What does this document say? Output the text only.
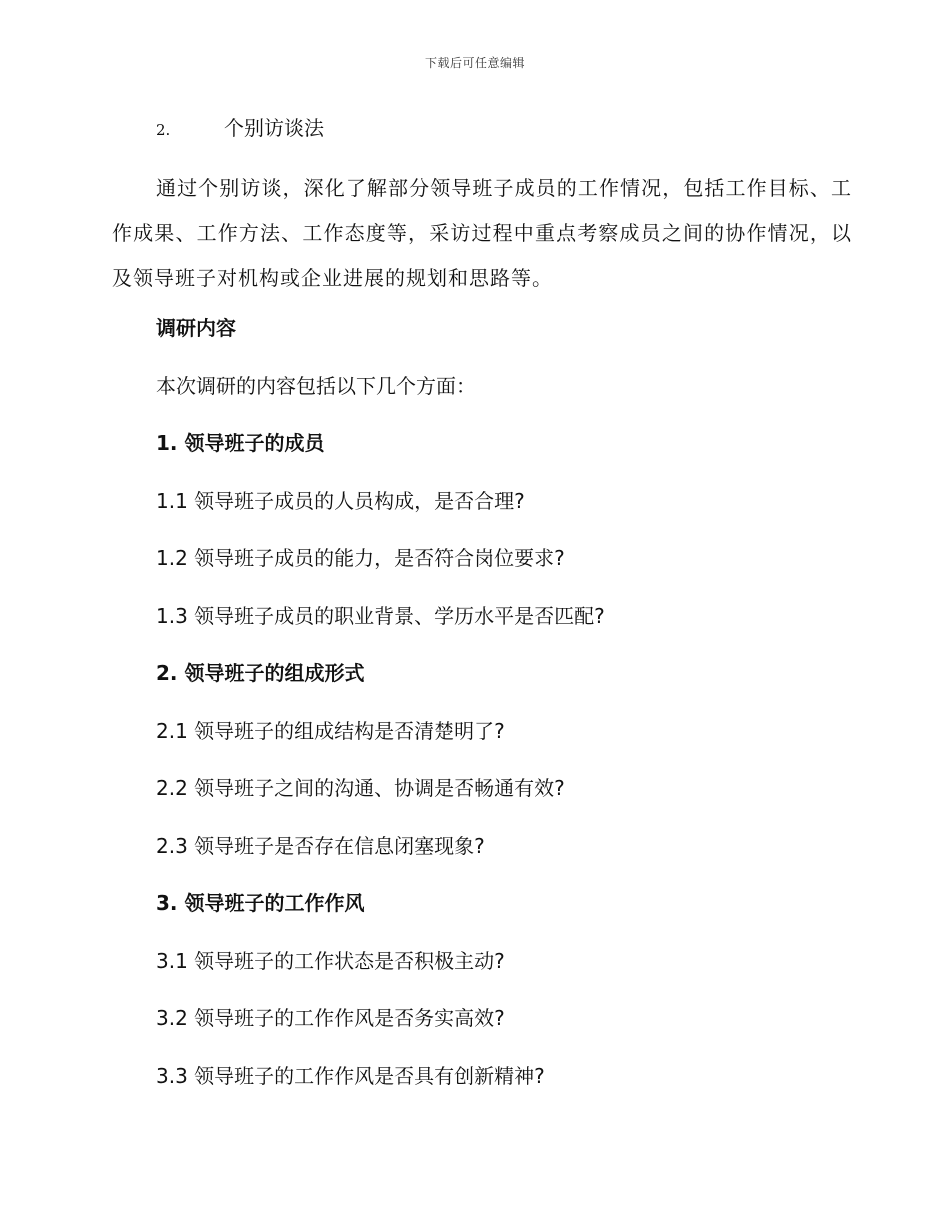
下载后可任意编辑
2.	个别访谈法
通过个别访谈，深化了解部分领导班子成员的工作情况，包括工作目标、工作成果、工作方法、工作态度等，采访过程中重点考察成员之间的协作情况，以及领导班子对机构或企业进展的规划和思路等。
调研内容
本次调研的内容包括以下几个方面：
1. 领导班子的成员
1.1 领导班子成员的人员构成，是否合理?
1.2 领导班子成员的能力，是否符合岗位要求?
1.3 领导班子成员的职业背景、学历水平是否匹配?
2. 领导班子的组成形式
2.1 领导班子的组成结构是否清楚明了?
2.2 领导班子之间的沟通、协调是否畅通有效?
2.3 领导班子是否存在信息闭塞现象?
3. 领导班子的工作作风
3.1 领导班子的工作状态是否积极主动?
3.2 领导班子的工作作风是否务实高效?
3.3 领导班子的工作作风是否具有创新精神?
